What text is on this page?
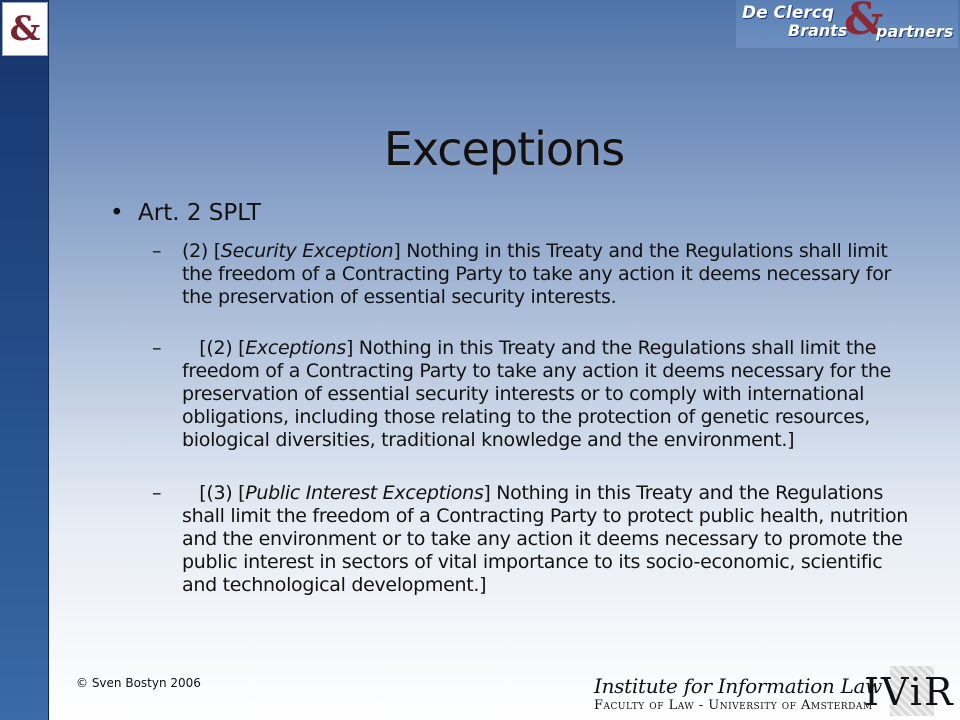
&	De Clercq
Brants
&
partners
Exceptions
• Art. 2 SPLT
– (2) [Security Exception] Nothing in this Treaty and the Regulations shall limit the freedom of a Contracting Party to take any action it deems necessary for the preservation of essential security interests.
– [(2) [Exceptions] Nothing in this Treaty and the Regulations shall limit the freedom of a Contracting Party to take any action it deems necessary for the preservation of essential security interests or to comply with international obligations, including those relating to the protection of genetic resources, biological diversities, traditional knowledge and the environment.]
– [(3) [Public Interest Exceptions] Nothing in this Treaty and the Regulations shall limit the freedom of a Contracting Party to protect public health, nutrition and the environment or to take any action it deems necessary to promote the public interest in sectors of vital importance to its socio-economic, scientific and technological development.]
© Sven Bostyn 2006	Institute for Information Law
Faculty of Law - University of Amsterdam
IViR
